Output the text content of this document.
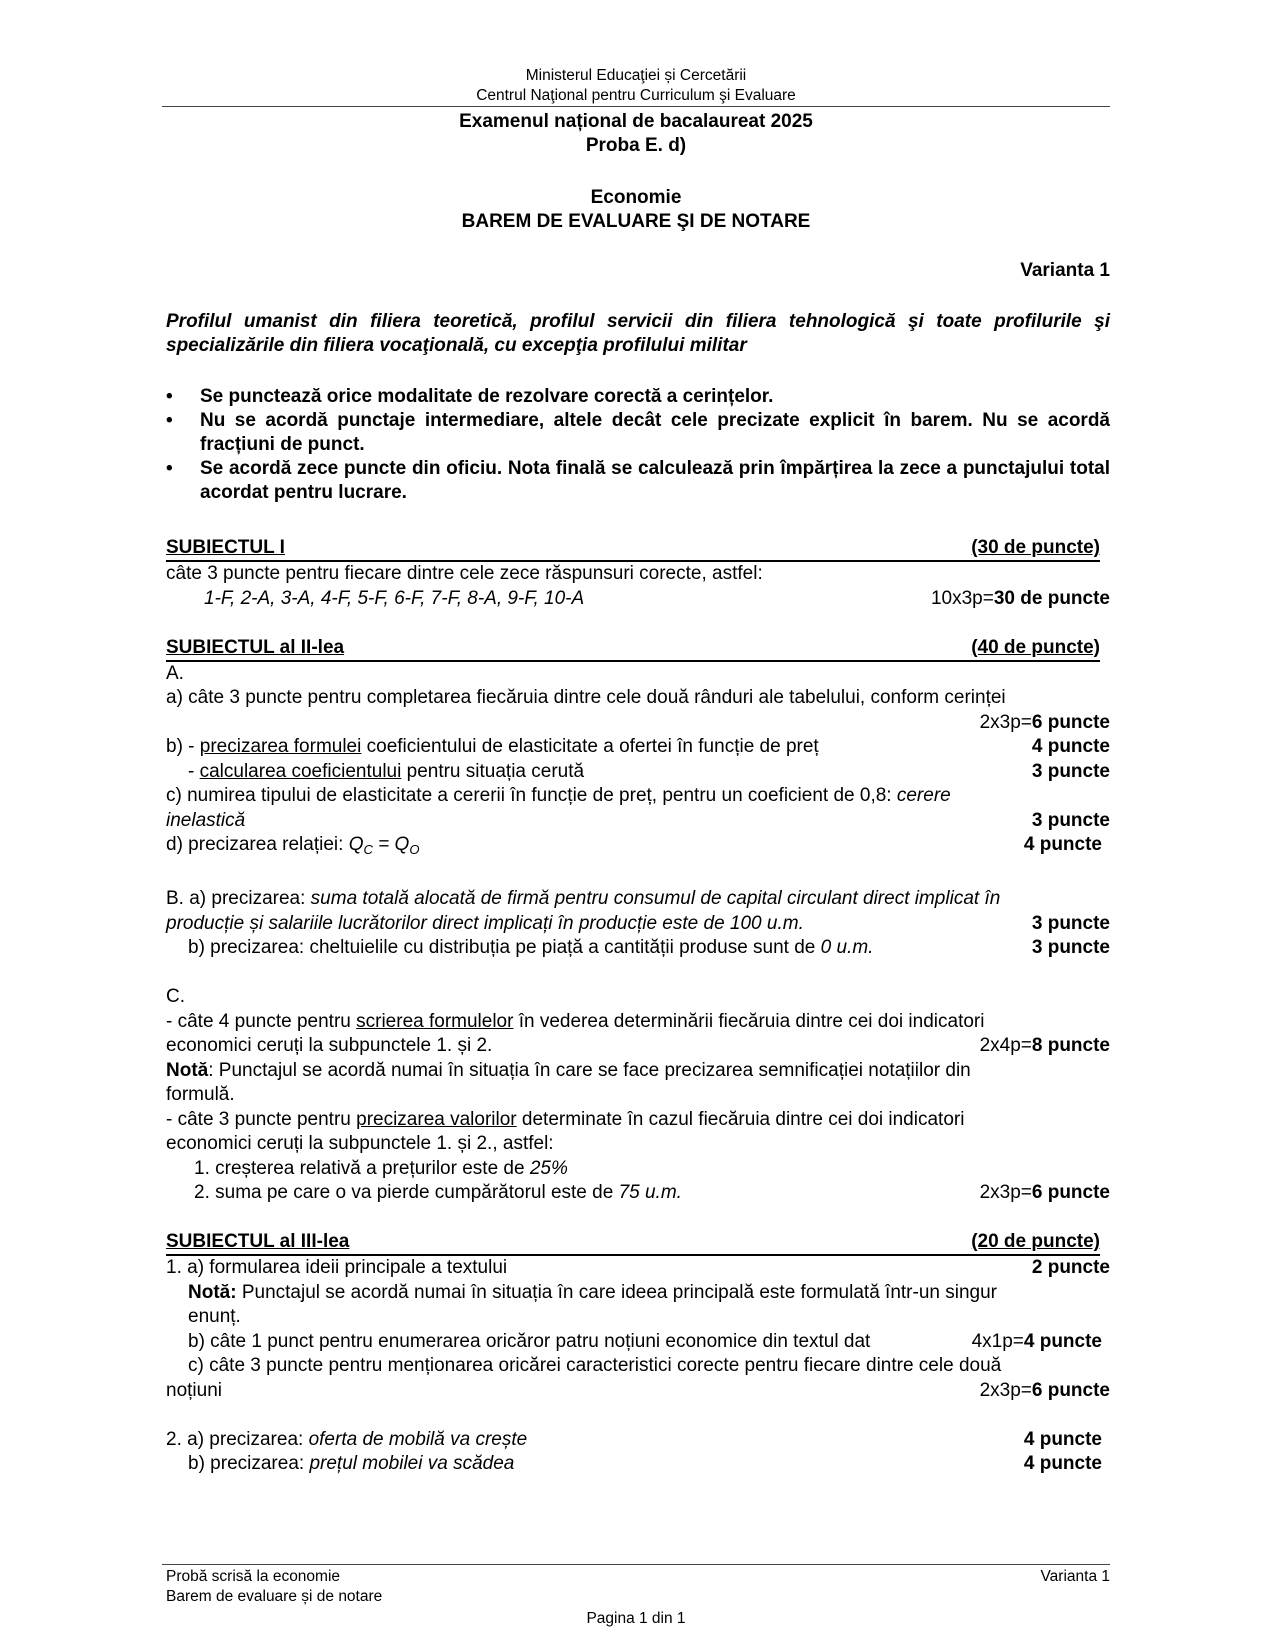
Ministerul Educaţiei și Cercetării
Centrul Naţional pentru Curriculum şi Evaluare
Examenul național de bacalaureat 2025
Proba E. d)
Economie
BAREM DE EVALUARE ŞI DE NOTARE
Varianta 1
Profilul umanist din filiera teoretică, profilul servicii din filiera tehnologică şi toate profilurile şi specializările din filiera vocaţională, cu excepţia profilului militar
• Se punctează orice modalitate de rezolvare corectă a cerințelor.
• Nu se acordă punctaje intermediare, altele decât cele precizate explicit în barem. Nu se acordă fracțiuni de punct.
• Se acordă zece puncte din oficiu. Nota finală se calculează prin împărțirea la zece a punctajului total acordat pentru lucrare.
SUBIECTUL I	(30 de puncte)
câte 3 puncte pentru fiecare dintre cele zece răspunsuri corecte, astfel:
1-F, 2-A, 3-A, 4-F, 5-F, 6-F, 7-F, 8-A, 9-F, 10-A	10x3p=30 de puncte
SUBIECTUL al II-lea	(40 de puncte)
A.
a) câte 3 puncte pentru completarea fiecăruia dintre cele două rânduri ale tabelului, conform cerinței
2x3p=6 puncte
b) - precizarea formulei coeficientului de elasticitate a ofertei în funcție de preț	4 puncte
- calcularea coeficientului pentru situația cerută	3 puncte
c) numirea tipului de elasticitate a cererii în funcție de preț, pentru un coeficient de 0,8: cerere
inelastică	3 puncte
d) precizarea relației: $Q_C = Q_O$	4 puncte
B. a) precizarea: suma totală alocată de firmă pentru consumul de capital circulant direct implicat în
producție și salariile lucrătorilor direct implicați în producție este de 100 u.m.	3 puncte
b) precizarea: cheltuielile cu distribuția pe piață a cantității produse sunt de 0 u.m.	3 puncte
C.
- câte 4 puncte pentru scrierea formulelor în vederea determinării fiecăruia dintre cei doi indicatori
economici ceruți la subpunctele 1. și 2.	2x4p=8 puncte
Notă: Punctajul se acordă numai în situația în care se face precizarea semnificației notațiilor din
formulă.
- câte 3 puncte pentru precizarea valorilor determinate în cazul fiecăruia dintre cei doi indicatori
economici ceruți la subpunctele 1. și 2., astfel:
1. creșterea relativă a prețurilor este de 25%
2. suma pe care o va pierde cumpărătorul este de 75 u.m.	2x3p=6 puncte
SUBIECTUL al III-lea	(20 de puncte)
1. a) formularea ideii principale a textului	2 puncte
Notă: Punctajul se acordă numai în situația în care ideea principală este formulată într-un singur
enunț.
b) câte 1 punct pentru enumerarea oricăror patru noțiuni economice din textul dat	4x1p=4 puncte
c) câte 3 puncte pentru menționarea oricărei caracteristici corecte pentru fiecare dintre cele două
noțiuni	2x3p=6 puncte
2. a) precizarea: oferta de mobilă va crește	4 puncte
b) precizarea: prețul mobilei va scădea	4 puncte
Probă scrisă la economie
Barem de evaluare și de notare
Varianta 1
Pagina 1 din 1
